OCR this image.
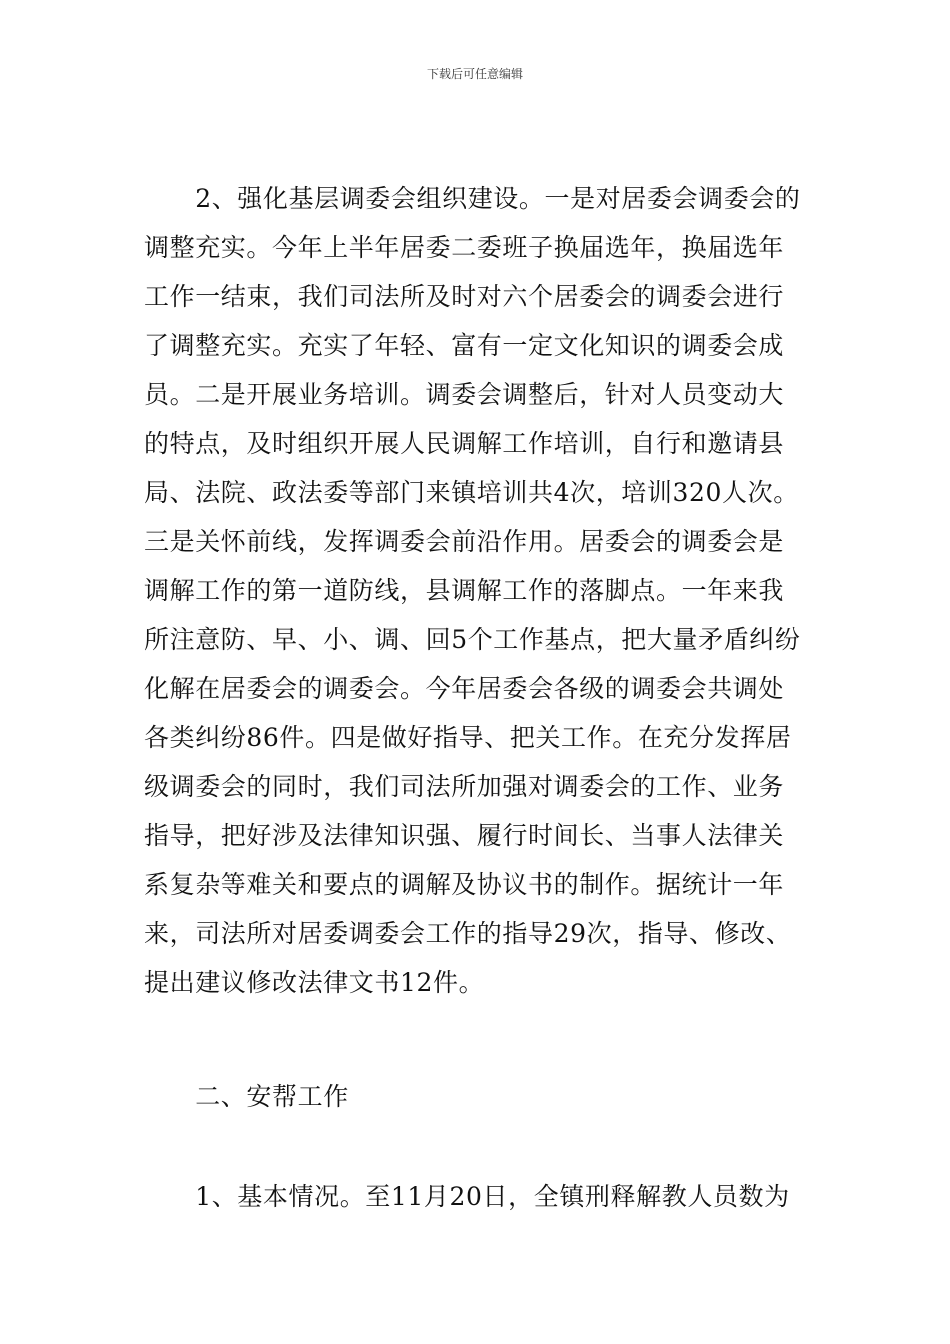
下载后可任意编辑
　　2、强化基层调委会组织建设。一是对居委会调委会的
调整充实。今年上半年居委二委班子换届选年，换届选年
工作一结束，我们司法所及时对六个居委会的调委会进行
了调整充实。充实了年轻、富有一定文化知识的调委会成
员。二是开展业务培训。调委会调整后，针对人员变动大
的特点，及时组织开展人民调解工作培训，自行和邀请县
局、法院、政法委等部门来镇培训共4次，培训320人次。
三是关怀前线，发挥调委会前沿作用。居委会的调委会是
调解工作的第一道防线，县调解工作的落脚点。一年来我
所注意防、早、小、调、回5个工作基点，把大量矛盾纠纷
化解在居委会的调委会。今年居委会各级的调委会共调处
各类纠纷86件。四是做好指导、把关工作。在充分发挥居
级调委会的同时，我们司法所加强对调委会的工作、业务
指导，把好涉及法律知识强、履行时间长、当事人法律关
系复杂等难关和要点的调解及协议书的制作。据统计一年
来，司法所对居委调委会工作的指导29次，指导、修改、
提出建议修改法律文书12件。
　　二、安帮工作
　　1、基本情况。至11月20日，全镇刑释解教人员数为
